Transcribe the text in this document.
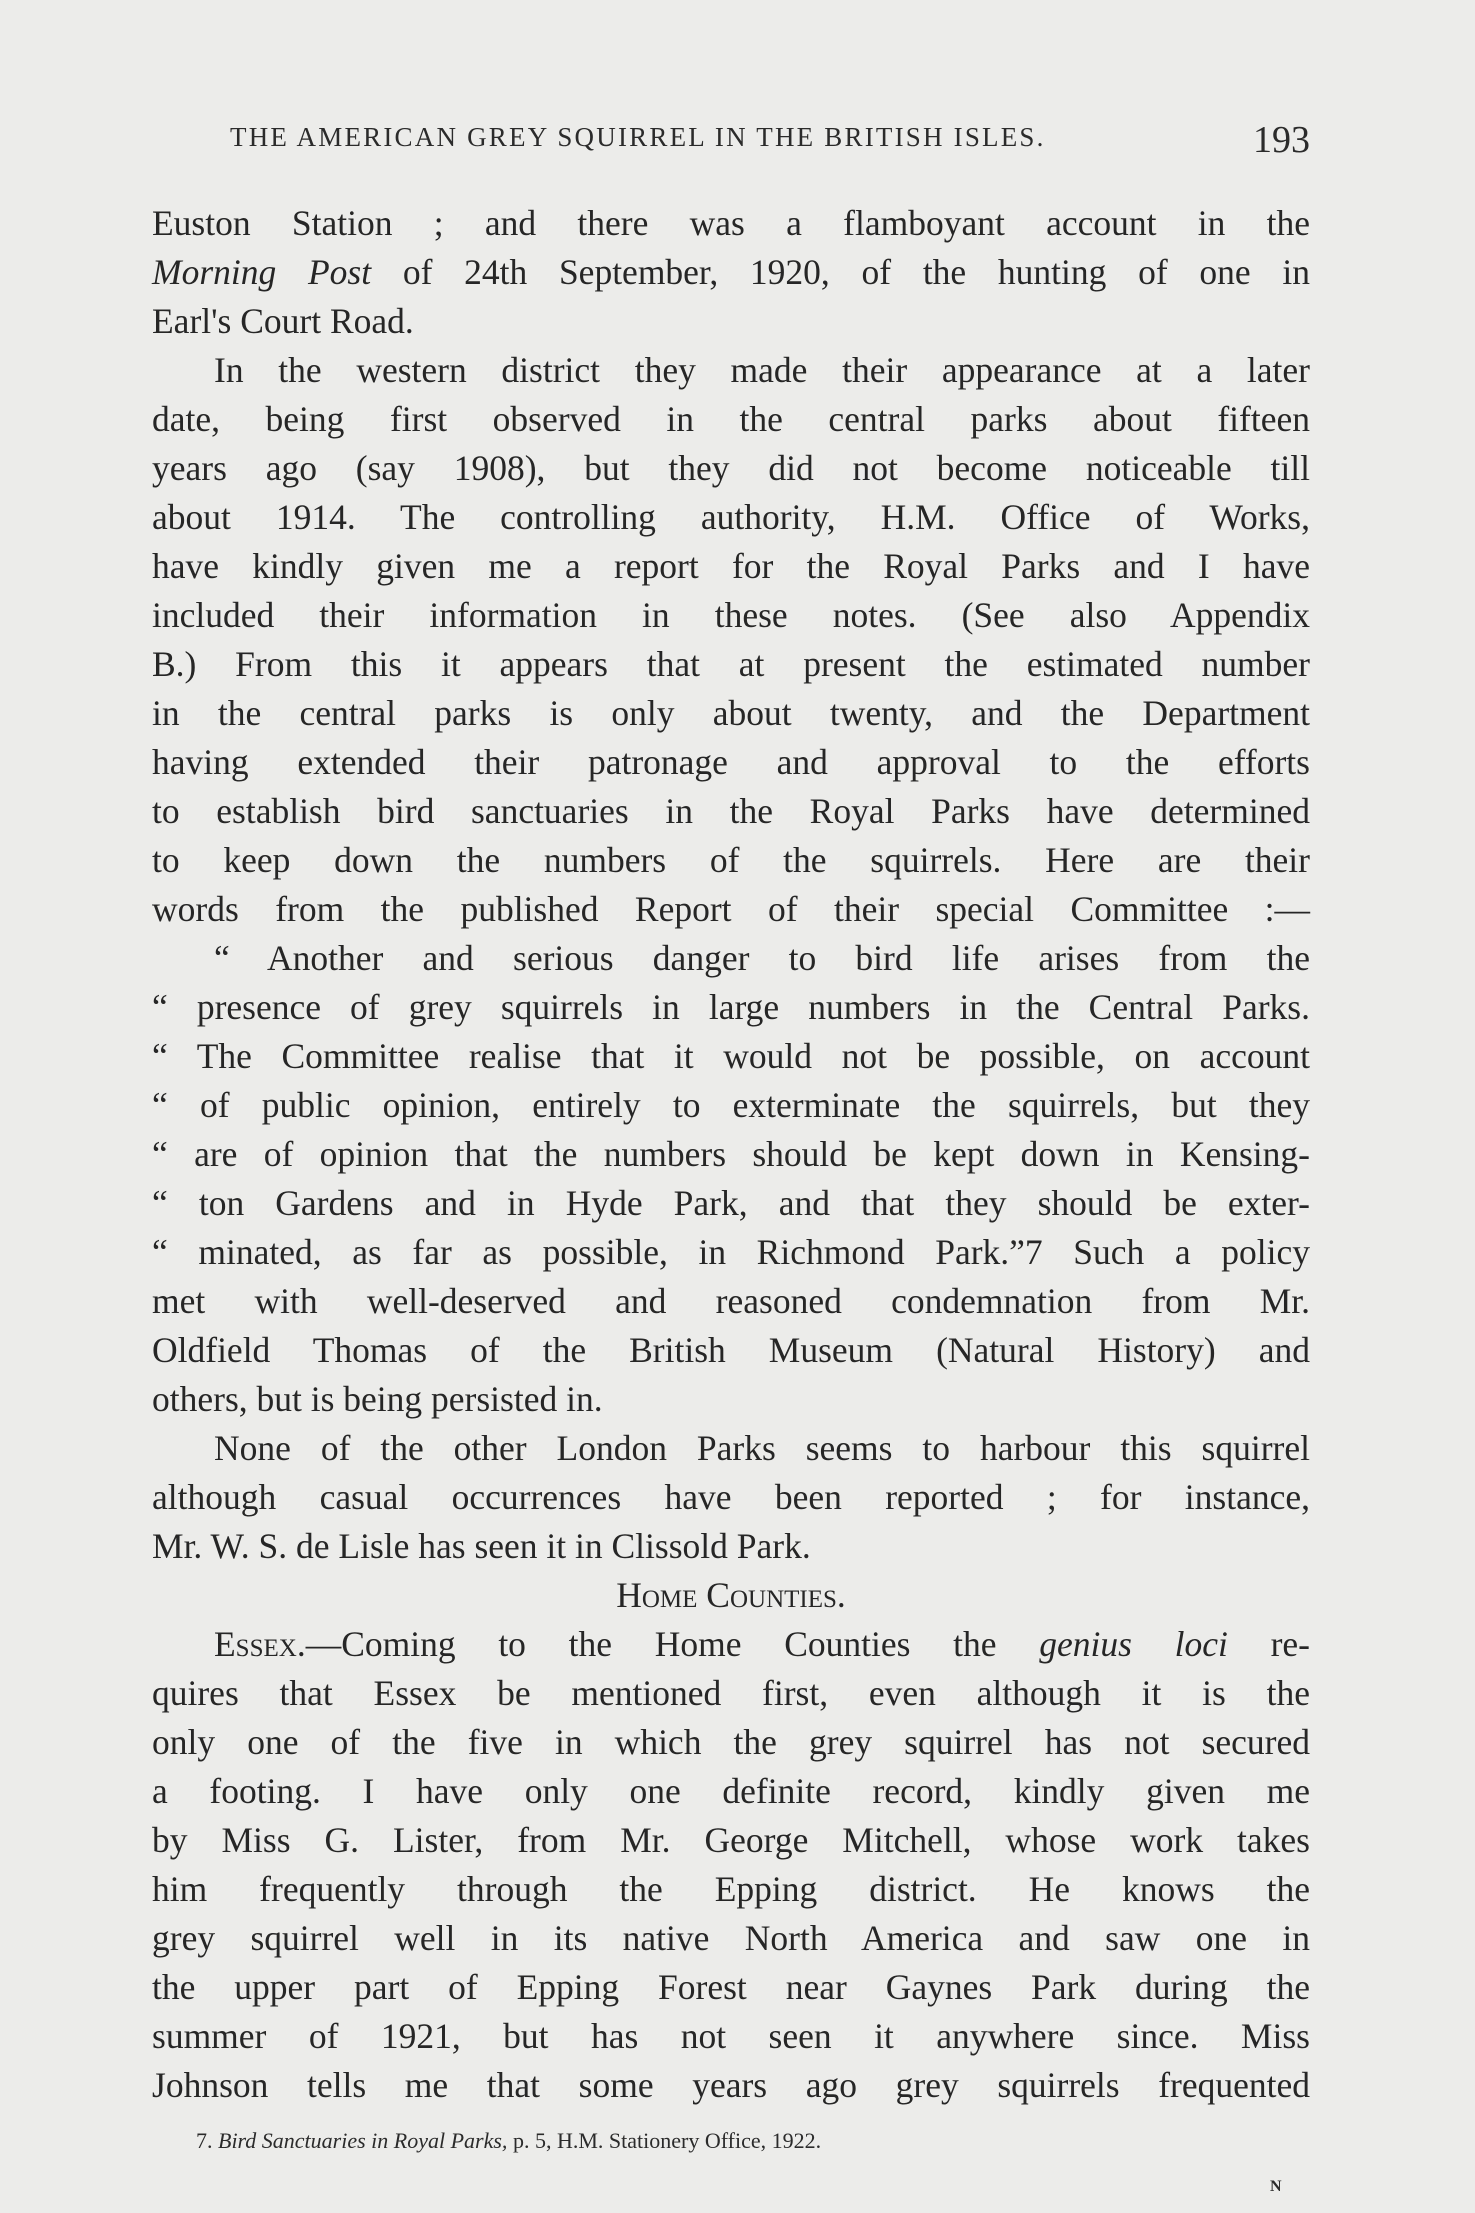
THE AMERICAN GREY SQUIRREL IN THE BRITISH ISLES.	193
Euston Station ; and there was a flamboyant account in the
Morning Post of 24th September, 1920, of the hunting of one in
Earl's Court Road.
In the western district they made their appearance at a later
date, being first observed in the central parks about fifteen
years ago (say 1908), but they did not become noticeable till
about 1914. The controlling authority, H.M. Office of Works,
have kindly given me a report for the Royal Parks and I have
included their information in these notes. (See also Appendix
B.) From this it appears that at present the estimated number
in the central parks is only about twenty, and the Department
having extended their patronage and approval to the efforts
to establish bird sanctuaries in the Royal Parks have determined
to keep down the numbers of the squirrels. Here are their
words from the published Report of their special Committee :—
“ Another and serious danger to bird life arises from the
“ presence of grey squirrels in large numbers in the Central Parks.
“ The Committee realise that it would not be possible, on account
“ of public opinion, entirely to exterminate the squirrels, but they
“ are of opinion that the numbers should be kept down in Kensing-
“ ton Gardens and in Hyde Park, and that they should be exter-
“ minated, as far as possible, in Richmond Park.”7 Such a policy
met with well-deserved and reasoned condemnation from Mr.
Oldfield Thomas of the British Museum (Natural History) and
others, but is being persisted in.
None of the other London Parks seems to harbour this squirrel
although casual occurrences have been reported ; for instance,
Mr. W. S. de Lisle has seen it in Clissold Park.
Home Counties.
Essex.—Coming to the Home Counties the genius loci re-
quires that Essex be mentioned first, even although it is the
only one of the five in which the grey squirrel has not secured
a footing. I have only one definite record, kindly given me
by Miss G. Lister, from Mr. George Mitchell, whose work takes
him frequently through the Epping district. He knows the
grey squirrel well in its native North America and saw one in
the upper part of Epping Forest near Gaynes Park during the
summer of 1921, but has not seen it anywhere since. Miss
Johnson tells me that some years ago grey squirrels frequented
7. Bird Sanctuaries in Royal Parks, p. 5, H.M. Stationery Office, 1922.
N
